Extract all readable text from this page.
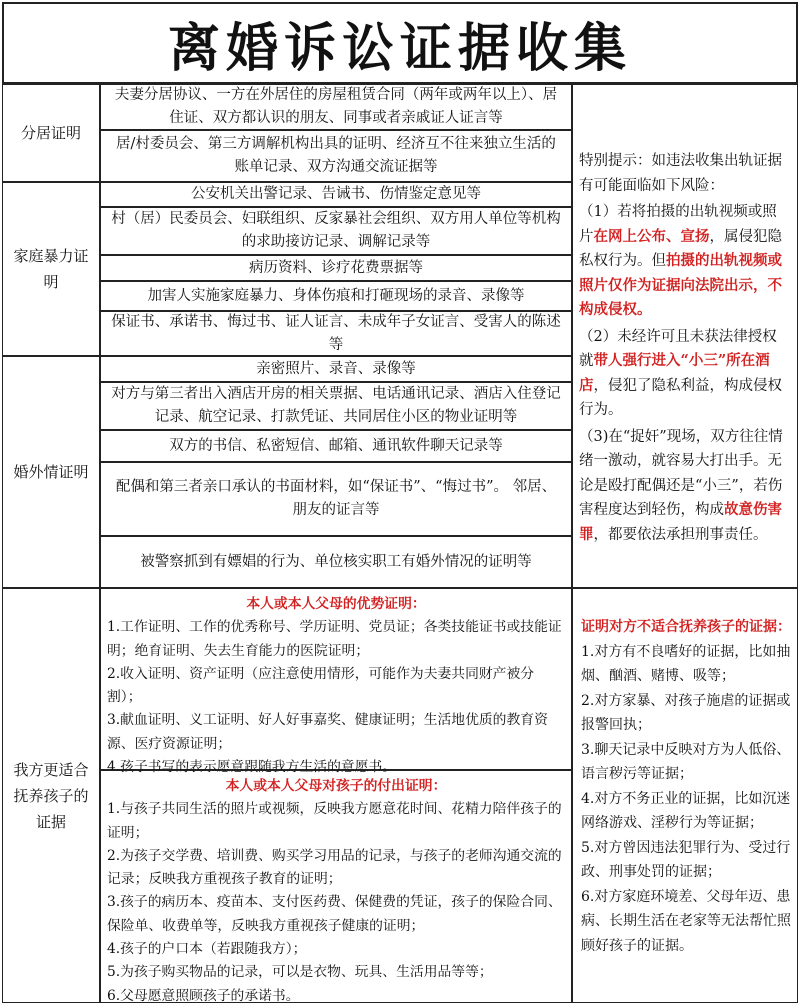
离婚诉讼证据收集
分居证明
夫妻分居协议、一方在外居住的房屋租赁合同（两年或两年以上）、居住证、双方都认识的朋友、同事或者亲戚证人证言等
居/村委员会、第三方调解机构出具的证明、经济互不往来独立生活的账单记录、双方沟通交流证据等
家庭暴力证明
公安机关出警记录、告诫书、伤情鉴定意见等
村（居）民委员会、妇联组织、反家暴社会组织、双方用人单位等机构的求助接访记录、调解记录等
病历资料、诊疗花费票据等
加害人实施家庭暴力、身体伤痕和打砸现场的录音、录像等
保证书、承诺书、悔过书、证人证言、未成年子女证言、受害人的陈述等
婚外情证明
亲密照片、录音、录像等
对方与第三者出入酒店开房的相关票据、电话通讯记录、酒店入住登记记录、航空记录、打款凭证、共同居住小区的物业证明等
双方的书信、私密短信、邮箱、通讯软件聊天记录等
配偶和第三者亲口承认的书面材料，如“保证书”、“悔过书”。 邻居、朋友的证言等
被警察抓到有嫖娼的行为、单位核实职工有婚外情况的证明等

特别提示：如违法收集出轨证据有可能面临如下风险：

（1）若将拍摄的出轨视频或照片在网上公布、宣扬，属侵犯隐私权行为。但拍摄的出轨视频或照片仅作为证据向法院出示，不构成侵权。

（2）未经许可且未获法律授权就带人强行进入“小三”所在酒店，侵犯了隐私利益，构成侵权行为。

（3)在“捉奸”现场，双方往往情绪一激动，就容易大打出手。无论是殴打配偶还是“小三”，若伤害程度达到轻伤，构成故意伤害罪，都要依法承担刑事责任。

我方更适合抚养孩子的证据

本人或本人父母的优势证明：

1.工作证明、工作的优秀称号、学历证明、党员证；各类技能证书或技能证明；绝育证明、失去生育能力的医院证明；

2.收入证明、资产证明（应注意使用情形，可能作为夫妻共同财产被分割）；

3.献血证明、义工证明、好人好事嘉奖、健康证明；生活地优质的教育资源、医疗资源证明；

4.孩子书写的表示愿意跟随我方生活的意愿书。

本人或本人父母对孩子的付出证明：

1.与孩子共同生活的照片或视频，反映我方愿意花时间、花精力陪伴孩子的证明；

2.为孩子交学费、培训费、购买学习用品的记录，与孩子的老师沟通交流的记录；反映我方重视孩子教育的证明；

3.孩子的病历本、疫苗本、支付医药费、保健费的凭证，孩子的保险合同、保险单、收费单等，反映我方重视孩子健康的证明；

4.孩子的户口本（若跟随我方）；

5.为孩子购买物品的记录，可以是衣物、玩具、生活用品等等；

6.父母愿意照顾孩子的承诺书。

证明对方不适合抚养孩子的证据：

1.对方有不良嗜好的证据，比如抽烟、酗酒、赌博、吸等；

2.对方家暴、对孩子施虐的证据或报警回执；

3.聊天记录中反映对方为人低俗、语言秽污等证据；

4.对方不务正业的证据，比如沉迷网络游戏、淫秽行为等证据；

5.对方曾因违法犯罪行为、受过行政、刑事处罚的证据；

6.对方家庭环境差、父母年迈、患病、长期生活在老家等无法帮忙照顾好孩子的证据。
